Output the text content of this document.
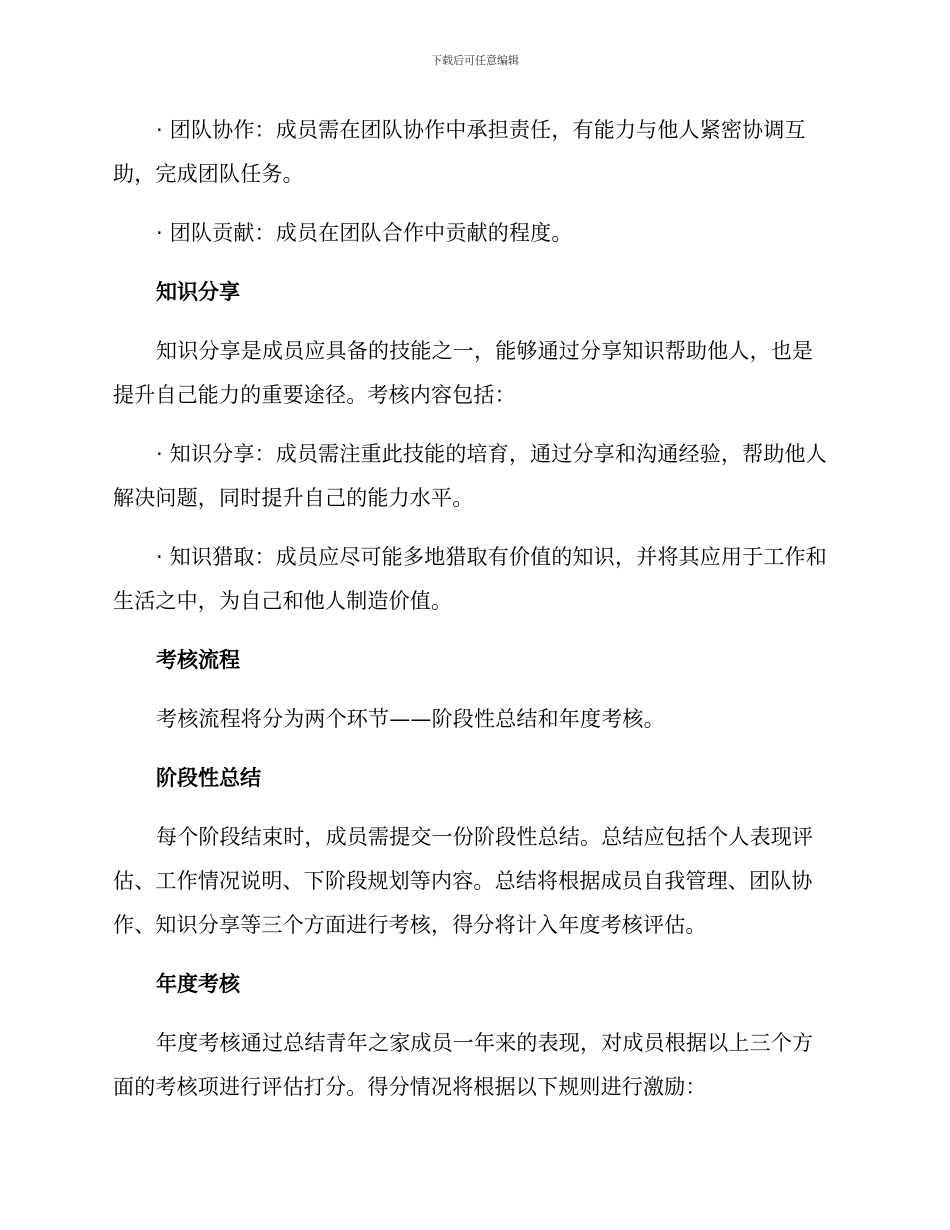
下载后可任意编辑

· 团队协作：成员需在团队协作中承担责任，有能力与他人紧密协调互助，完成团队任务。

· 团队贡献：成员在团队合作中贡献的程度。

知识分享

知识分享是成员应具备的技能之一，能够通过分享知识帮助他人，也是提升自己能力的重要途径。考核内容包括：

· 知识分享：成员需注重此技能的培育，通过分享和沟通经验，帮助他人解决问题，同时提升自己的能力水平。

· 知识猎取：成员应尽可能多地猎取有价值的知识，并将其应用于工作和生活之中，为自己和他人制造价值。

考核流程

考核流程将分为两个环节——阶段性总结和年度考核。

阶段性总结

每个阶段结束时，成员需提交一份阶段性总结。总结应包括个人表现评估、工作情况说明、下阶段规划等内容。总结将根据成员自我管理、团队协作、知识分享等三个方面进行考核，得分将计入年度考核评估。

年度考核

年度考核通过总结青年之家成员一年来的表现，对成员根据以上三个方面的考核项进行评估打分。得分情况将根据以下规则进行激励：
